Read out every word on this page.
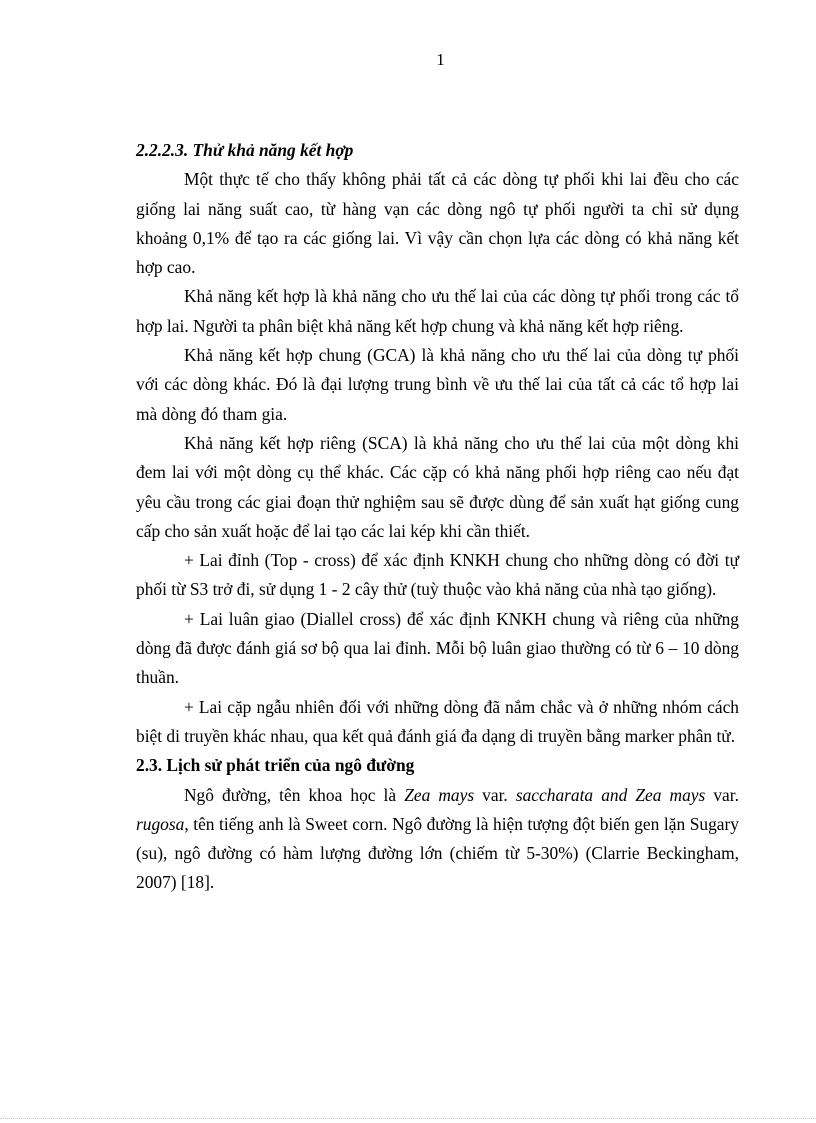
1

2.2.2.3. Thử khả năng kết hợp

Một thực tế cho thấy không phải tất cả các dòng tự phối khi lai đều cho các giống lai năng suất cao, từ hàng vạn các dòng ngô tự phối người ta chỉ sử dụng khoảng 0,1% để tạo ra các giống lai. Vì vậy cần chọn lựa các dòng có khả năng kết hợp cao.

Khả năng kết hợp là khả năng cho ưu thế lai của các dòng tự phối trong các tổ hợp lai. Người ta phân biệt khả năng kết hợp chung và khả năng kết hợp riêng.

Khả năng kết hợp chung (GCA) là khả năng cho ưu thế lai của dòng tự phối với các dòng khác. Đó là đại lượng trung bình về ưu thế lai của tất cả các tổ hợp lai mà dòng đó tham gia.

Khả năng kết hợp riêng (SCA) là khả năng cho ưu thế lai của một dòng khi đem lai với một dòng cụ thể khác. Các cặp có khả năng phối hợp riêng cao nếu đạt yêu cầu trong các giai đoạn thử nghiệm sau sẽ được dùng để sản xuất hạt giống cung cấp cho sản xuất hoặc để lai tạo các lai kép khi cần thiết.

+ Lai đỉnh (Top - cross) để xác định KNKH chung cho những dòng có đời tự phối từ S3 trở đi, sử dụng 1 - 2 cây thử (tuỳ thuộc vào khả năng của nhà tạo giống).

+ Lai luân giao (Diallel cross) để xác định KNKH chung và riêng của những dòng đã được đánh giá sơ bộ qua lai đỉnh. Mỗi bộ luân giao thường có từ 6 – 10 dòng thuần.

+ Lai cặp ngẫu nhiên đối với những dòng đã nắm chắc và ở những nhóm cách biệt di truyền khác nhau, qua kết quả đánh giá đa dạng di truyền bằng marker phân tử.

2.3. Lịch sử phát triển của ngô đường

Ngô đường, tên khoa học là Zea mays var. saccharata and Zea mays var. rugosa, tên tiếng anh là Sweet corn. Ngô đường là hiện tượng đột biến gen lặn Sugary (su), ngô đường có hàm lượng đường lớn (chiếm từ 5-30%) (Clarrie Beckingham, 2007) [18].
